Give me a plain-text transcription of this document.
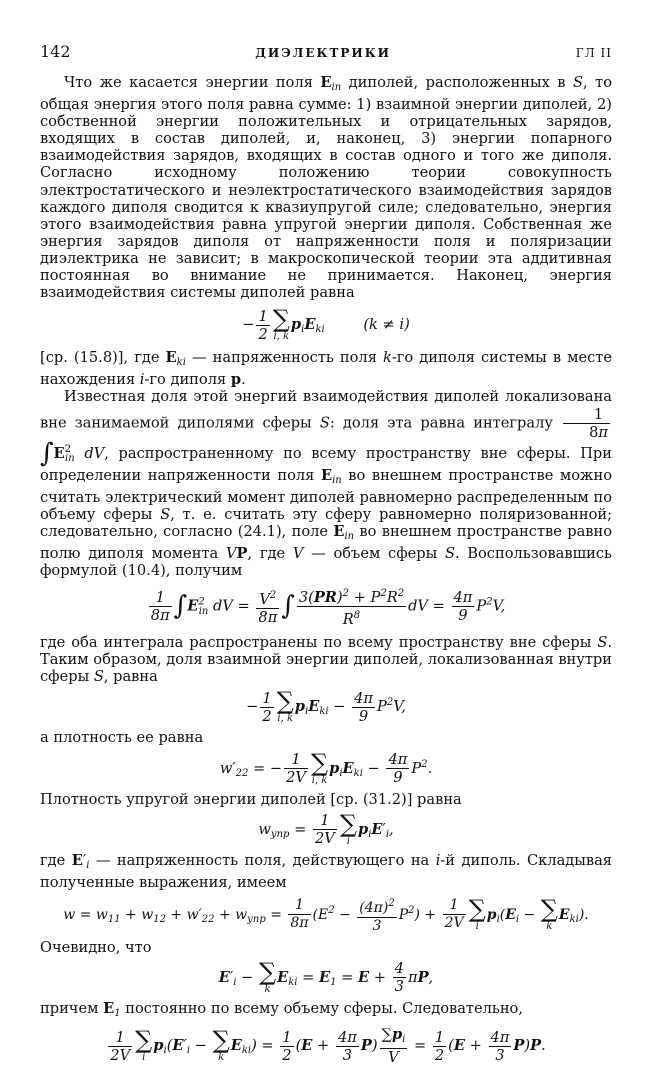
142	ДИЭЛЕКТРИКИ	ГЛ II

Что же касается энергии поля $E_{in}$ диполей, расположенных в S, то общая энергия этого поля равна сумме: 1) взаимной энергии диполей, 2) собственной энергии положительных и отрицательных зарядов, входящих в состав диполей, и, наконец, 3) энергии попарного взаимодействия зарядов, входящих в состав одного и того же диполя. Согласно исходному положению теории совокупность электростатического и неэлектростатического взаимодействия зарядов каждого диполя сводится к квазиупругой силе; следовательно, энергия этого взаимодействия равна упругой энергии диполя. Собственная же энергия зарядов диполя от напряженности поля и поляризации диэлектрика не зависит; в макроскопической теории эта аддитивная постоянная во внимание не принимается. Наконец, энергия взаимодействия системы диполей равна

− $\frac{1}{2}$ ∑
i, k
$p_iE_{ki}$	(k ≠ i)

[ср. (15.8)], где $E_{ki}$ — напряженность поля k-го диполя системы в месте нахождения i-го диполя p.

Известная доля этой энергий взаимодействия диполей локализована вне занимаемой диполями сферы S: доля эта равна интегралу $\frac{1}{8\pi}$
$\int E^2_{in}$ dV, распространенному по всему пространству вне сферы. При определении напряженности поля $E_{in}$ во внешнем пространстве можно считать электрический момент диполей равномерно распределенным по объему сферы S, т. е. считать эту сферу равномерно поляризованной; следовательно, согласно (24.1), поле $E_{in}$ во внешнем пространстве равно полю диполя момента VP, где V — объем сферы S. Воспользовавшись формулой (10.4), получим

$\frac{1}{8\pi} \int E^2_{in}$ dV = $\frac{V^2}{8\pi}$ ∫ $\frac{3(PR)^2 + P^2R^2}{R^8}$ dV = $\frac{4\pi}{9} P^2V$,

где оба интеграла распространены по всему пространству вне сферы S. Таким образом, доля взаимной энергии диполей, локализованная внутри сферы S, равна

− $\frac{1}{2}$ ∑
i, k
$p_iE_{ki} - \frac{4\pi}{9} P^2V$,

а плотность ее равна

$w'_{22}$ = − $\frac{1}{2V}$ ∑
i, k
$p_iE_{ki} - \frac{4\pi}{9} P^2$.

Плотность упругой энергии диполей [ср. (31.2)] равна

$w_{упр} = \frac{1}{2V}$ ∑
i
$p_iE'_i$,

где $E'_i$ — напряженность поля, действующего на i-й диполь. Складывая полученные выражения, имеем

$w = w_{11} + w_{12} + w'_{22} + w_{упр} = \frac{1}{8\pi} (E^2 - \frac{(4\pi)^2}{3} P^2) + \frac{1}{2V}$ ∑
i
$p_i(E_i$ − ∑
k
$E_{ki}$).

Очевидно, что

$E'_i$ − ∑
k
$E_{ki} = E_1 = E + \frac{4}{3} \pi P$,

причем $E_1$ постоянно по всему объему сферы. Следовательно,

$\frac{1}{2V}$ ∑
i
$p_i(E'_i$ − ∑
k
$E_{ki}) = \frac{1}{2} (E + \frac{4\pi}{3} P) \frac{\sum p_i}{V} = \frac{1}{2} (E + \frac{4\pi}{3} P)P$.
